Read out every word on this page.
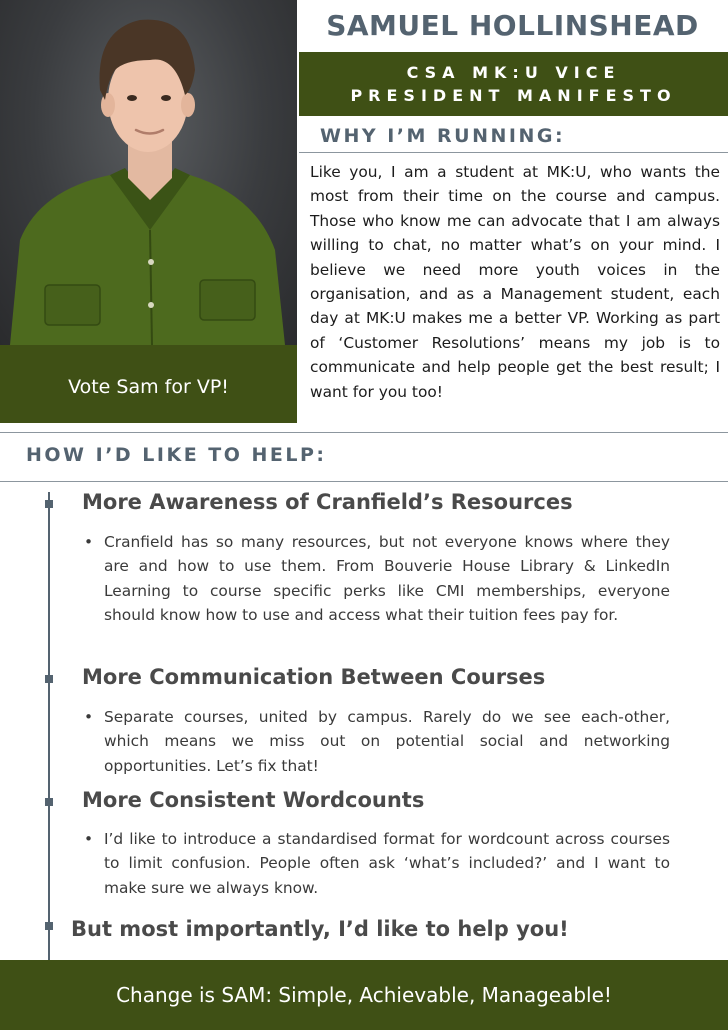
Vote Sam for VP!
SAMUEL HOLLINSHEAD
CSA MK:U VICE
PRESIDENT MANIFESTO
WHY I’M RUNNING:
Like you, I am a student at MK:U, who wants the most from their time on the course and campus. Those who know me can advocate that I am always willing to chat, no matter what’s on your mind. I believe we need more youth voices in the organisation, and as a Management student, each day at MK:U makes me a better VP. Working as part of ‘Customer Resolutions’ means my job is to communicate and help people get the best result; I want for you too!
HOW I’D LIKE TO HELP:
More Awareness of Cranfield’s Resources
• Cranfield has so many resources, but not everyone knows where they are and how to use them. From Bouverie House Library & LinkedIn Learning to course specific perks like CMI memberships, everyone should know how to use and access what their tuition fees pay for.
More Communication Between Courses
• Separate courses, united by campus. Rarely do we see each-other, which means we miss out on potential social and networking opportunities. Let’s fix that!
More Consistent Wordcounts
• I’d like to introduce a standardised format for wordcount across courses to limit confusion. People often ask ‘what’s included?’ and I want to make sure we always know.
But most importantly, I’d like to help you!
Change is SAM: Simple, Achievable, Manageable!
